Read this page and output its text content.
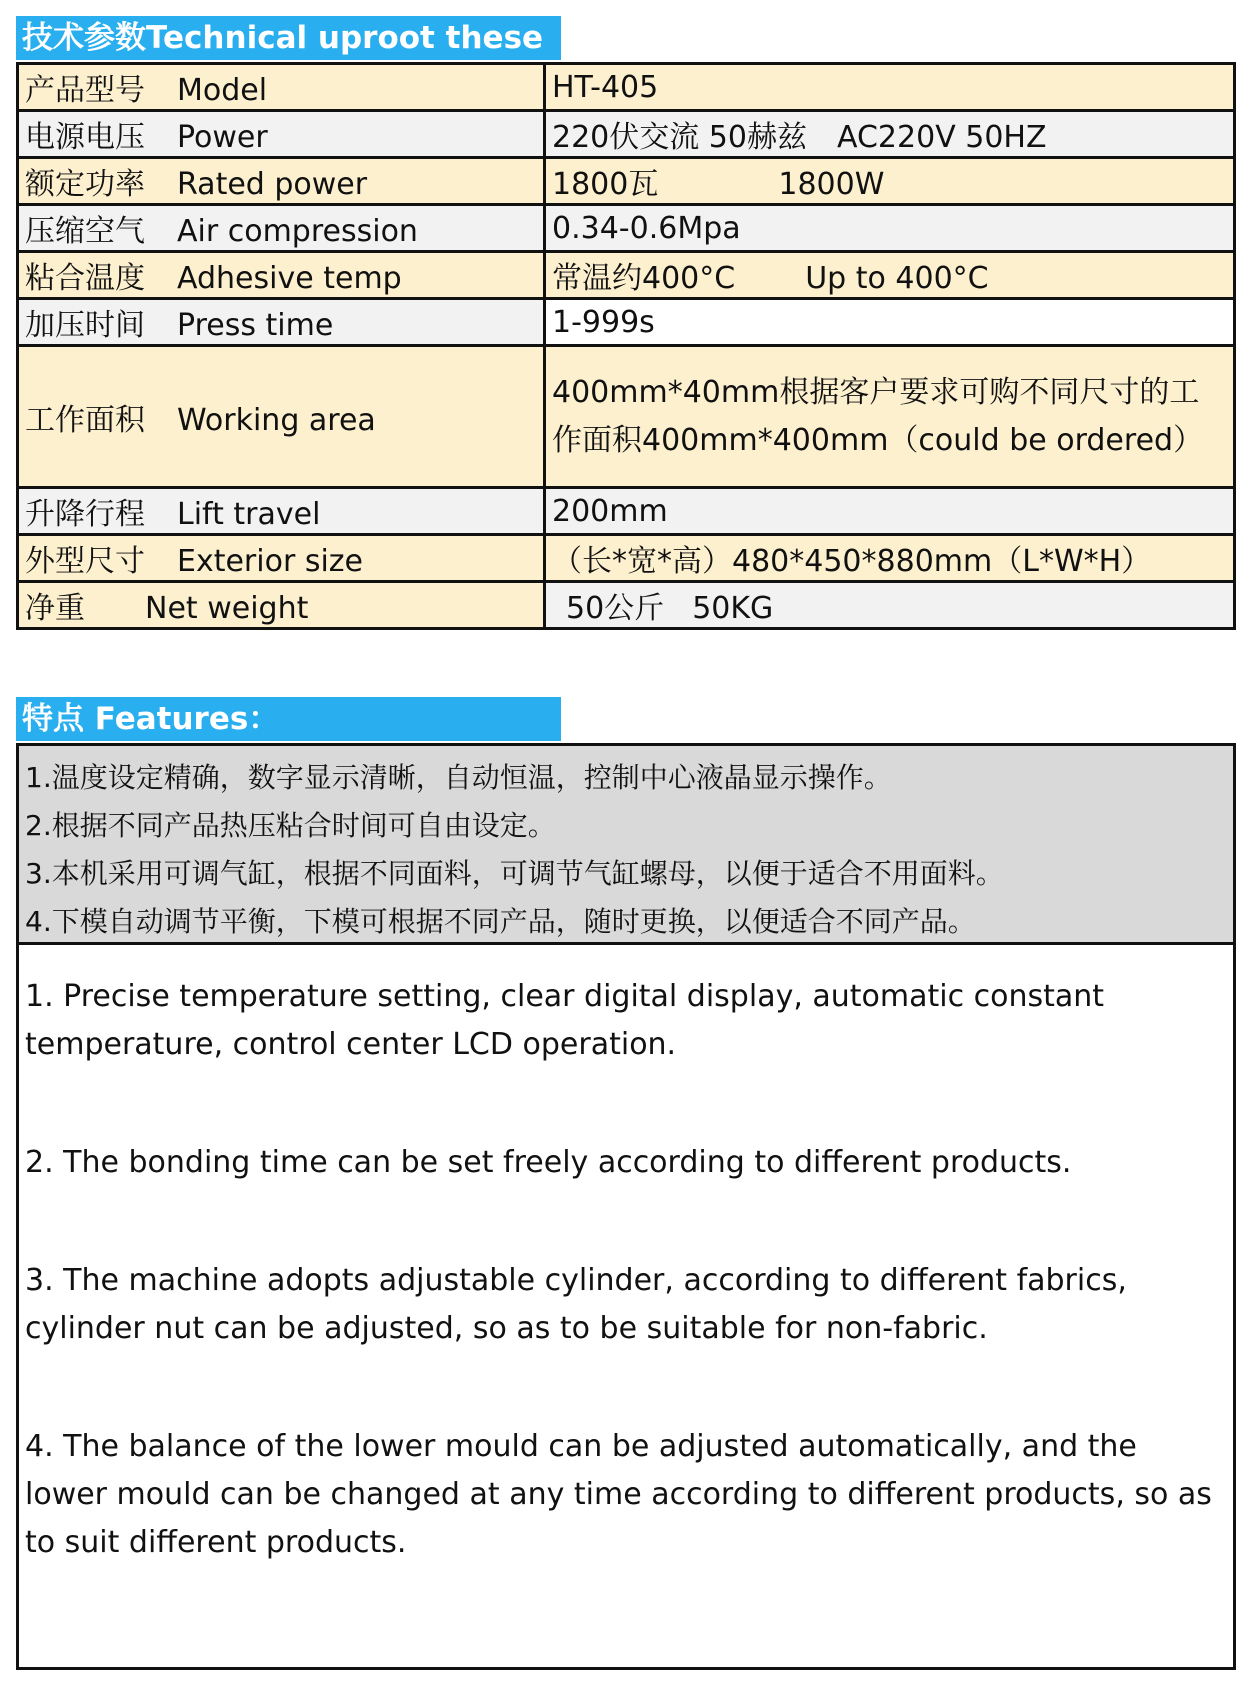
技术参数Technical uproot these
产品型号 Model	HT-405
电源电压 Power	220伏交流 50赫兹 AC220V 50HZ
额定功率 Rated power	1800瓦 1800W
压缩空气 Air compression	0.34-0.6Mpa
粘合温度 Adhesive temp	常温约400°C Up to 400°C
加压时间 Press time	1-999s
工作面积 Working area	400mm*40mm根据客户要求可购不同尺寸的工作面积400mm*400mm（could be ordered）
升降行程 Lift travel	200mm
外型尺寸 Exterior size	（长*宽*高）480*450*880mm（L*W*H）
净重 Net weight	50公斤 50KG
特点 Features：
1.温度设定精确，数字显示清晰，自动恒温，控制中心液晶显示操作。
2.根据不同产品热压粘合时间可自由设定。
3.本机采用可调气缸，根据不同面料，可调节气缸螺母，以便于适合不用面料。
4.下模自动调节平衡，下模可根据不同产品，随时更换，以便适合不同产品。

1. Precise temperature setting, clear digital display, automatic constant temperature, control center LCD operation.

2. The bonding time can be set freely according to different products.

3. The machine adopts adjustable cylinder, according to different fabrics, cylinder nut can be adjusted, so as to be suitable for non-fabric.

4. The balance of the lower mould can be adjusted automatically, and the lower mould can be changed at any time according to different products, so as to suit different products.
